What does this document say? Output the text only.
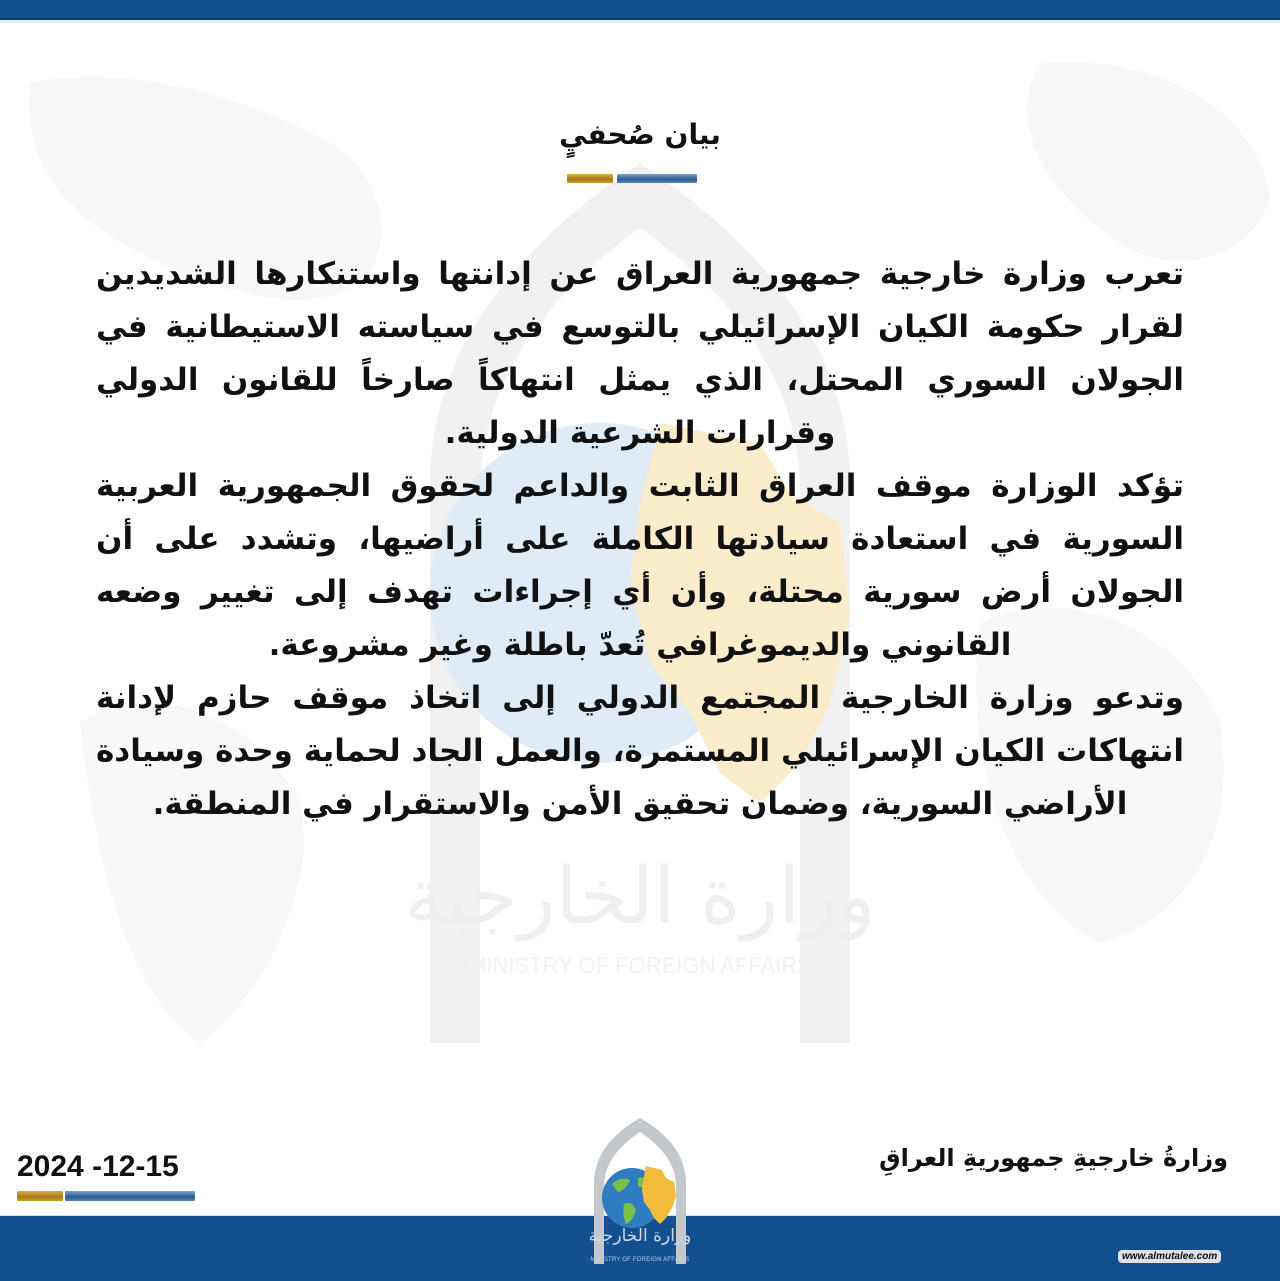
وزارة الخارجية
MINISTRY OF FOREIGN AFFAIRS
بيان صُحفيٍ

تعرب وزارة خارجية جمهورية العراق عن إدانتها واستنكارها الشديدين لقرار حكومة الكيان الإسرائيلي بالتوسع في سياسته الاستيطانية في الجولان السوري المحتل، الذي يمثل انتهاكاً صارخاً للقانون الدولي وقرارات الشرعية الدولية.

تؤكد الوزارة موقف العراق الثابت والداعم لحقوق الجمهورية العربية السورية في استعادة سيادتها الكاملة على أراضيها، وتشدد على أن الجولان أرض سورية محتلة، وأن أي إجراءات تهدف إلى تغيير وضعه القانوني والديموغرافي تُعدّ باطلة وغير مشروعة.

وتدعو وزارة الخارجية المجتمع الدولي إلى اتخاذ موقف حازم لإدانة انتهاكات الكيان الإسرائيلي المستمرة، والعمل الجاد لحماية وحدة وسيادة الأراضي السورية، وضمان تحقيق الأمن والاستقرار في المنطقة.

وزارةُ خارجيةِ جمهوريةِ العراقِ
2024 -12-15
وزارة الخارجية
MINISTRY OF FOREIGN AFFAIRS	www.almutalee.com
